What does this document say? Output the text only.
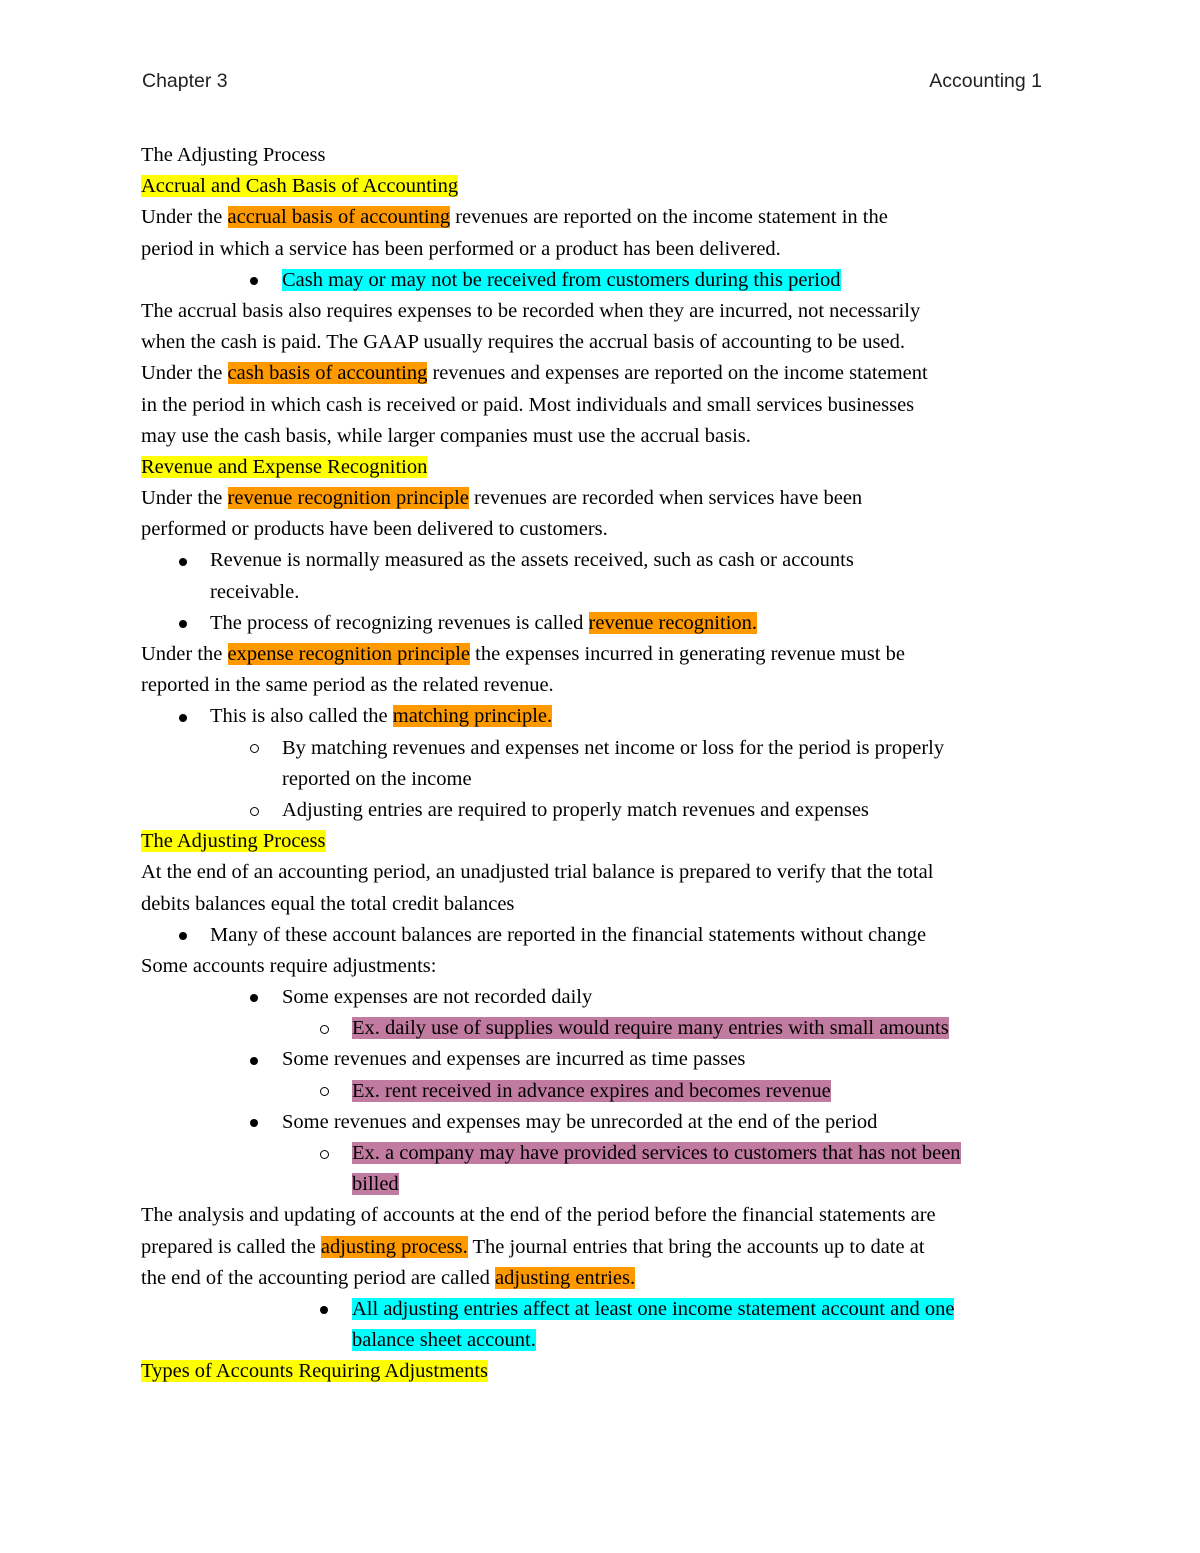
Chapter 3	Accounting 1
The Adjusting Process
Accrual and Cash Basis of Accounting
Under the accrual basis of accounting revenues are reported on the income statement in the
period in which a service has been performed or a product has been delivered.
Cash may or may not be received from customers during this period
The accrual basis also requires expenses to be recorded when they are incurred, not necessarily
when the cash is paid. The GAAP usually requires the accrual basis of accounting to be used.
Under the cash basis of accounting revenues and expenses are reported on the income statement
in the period in which cash is received or paid. Most individuals and small services businesses
may use the cash basis, while larger companies must use the accrual basis.
Revenue and Expense Recognition
Under the revenue recognition principle revenues are recorded when services have been
performed or products have been delivered to customers.
Revenue is normally measured as the assets received, such as cash or accounts
receivable.
The process of recognizing revenues is called revenue recognition.
Under the expense recognition principle the expenses incurred in generating revenue must be
reported in the same period as the related revenue.
This is also called the matching principle.
By matching revenues and expenses net income or loss for the period is properly
reported on the income
Adjusting entries are required to properly match revenues and expenses
The Adjusting Process
At the end of an accounting period, an unadjusted trial balance is prepared to verify that the total
debits balances equal the total credit balances
Many of these account balances are reported in the financial statements without change
Some accounts require adjustments:
Some expenses are not recorded daily
Ex. daily use of supplies would require many entries with small amounts
Some revenues and expenses are incurred as time passes
Ex. rent received in advance expires and becomes revenue
Some revenues and expenses may be unrecorded at the end of the period
Ex. a company may have provided services to customers that has not been
billed
The analysis and updating of accounts at the end of the period before the financial statements are
prepared is called the adjusting process. The journal entries that bring the accounts up to date at
the end of the accounting period are called adjusting entries.
All adjusting entries affect at least one income statement account and one
balance sheet account.
Types of Accounts Requiring Adjustments
